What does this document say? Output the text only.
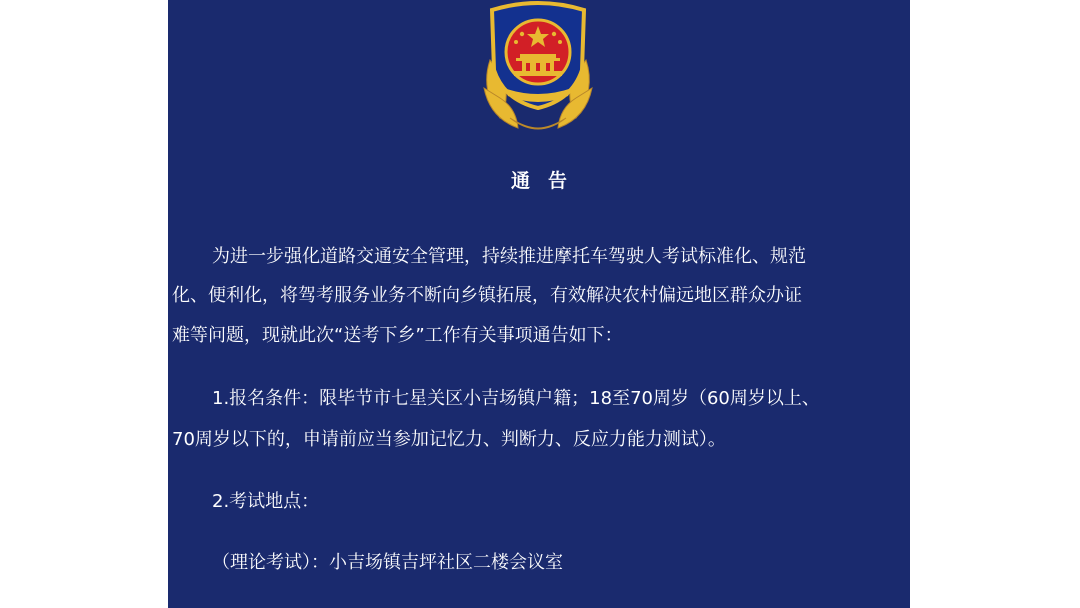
通告
为进一步强化道路交通安全管理，持续推进摩托车驾驶人考试标准化、规范
化、便利化，将驾考服务业务不断向乡镇拓展，有效解决农村偏远地区群众办证
难等问题，现就此次“送考下乡”工作有关事项通告如下：
1.报名条件：限毕节市七星关区小吉场镇户籍；18至70周岁（60周岁以上、
70周岁以下的，申请前应当参加记忆力、判断力、反应力能力测试）。
2.考试地点：
（理论考试）：小吉场镇吉坪社区二楼会议室
